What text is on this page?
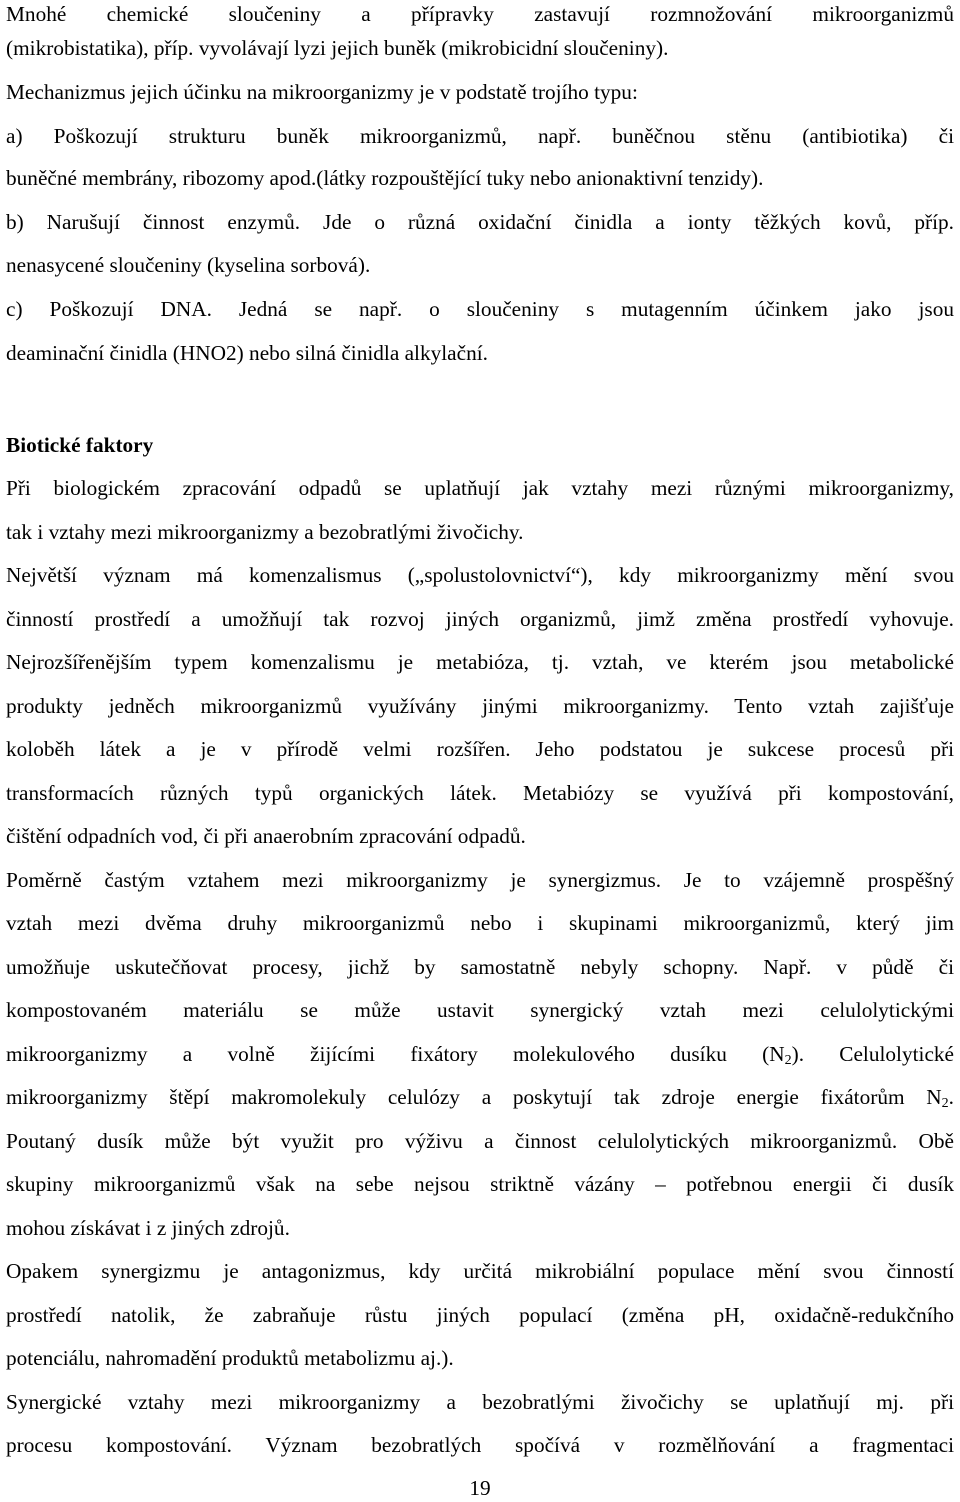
Mnohé chemické sloučeniny a přípravky zastavují rozmnožování mikroorganizmů
(mikrobistatika), příp. vyvolávají lyzi jejich buněk (mikrobicidní sloučeniny).
Mechanizmus jejich účinku na mikroorganizmy je v podstatě trojího typu:
a) Poškozují strukturu buněk mikroorganizmů, např. buněčnou stěnu (antibiotika) či
buněčné membrány, ribozomy apod.(látky rozpouštějící tuky nebo anionaktivní tenzidy).
b) Narušují činnost enzymů. Jde o různá oxidační činidla a ionty těžkých kovů, příp.
nenasycené sloučeniny (kyselina sorbová).
c) Poškozují DNA. Jedná se např. o sloučeniny s mutagenním účinkem jako jsou
deaminační činidla (HNO2) nebo silná činidla alkylační.
Biotické faktory
Při biologickém zpracování odpadů se uplatňují jak vztahy mezi různými mikroorganizmy,
tak i vztahy mezi mikroorganizmy a bezobratlými živočichy.
Největší význam má komenzalismus („spolustolovnictví“), kdy mikroorganizmy mění svou
činností prostředí a umožňují tak rozvoj jiných organizmů, jimž změna prostředí vyhovuje.
Nejrozšířenějším typem komenzalismu je metabióza, tj. vztah, ve kterém jsou metabolické
produkty jedněch mikroorganizmů využívány jinými mikroorganizmy. Tento vztah zajišťuje
koloběh látek a je v přírodě velmi rozšířen. Jeho podstatou je sukcese procesů při
transformacích různých typů organických látek. Metabiózy se využívá při kompostování,
čištění odpadních vod, či při anaerobním zpracování odpadů.
Poměrně častým vztahem mezi mikroorganizmy je synergizmus. Je to vzájemně prospěšný
vztah mezi dvěma druhy mikroorganizmů nebo i skupinami mikroorganizmů, který jim
umožňuje uskutečňovat procesy, jichž by samostatně nebyly schopny. Např. v půdě či
kompostovaném materiálu se může ustavit synergický vztah mezi celulolytickými
mikroorganizmy a volně žijícími fixátory molekulového dusíku $(N_2)$. Celulolytické
mikroorganizmy štěpí makromolekuly celulózy a poskytují tak zdroje energie fixátorům $N_2$.
Poutaný dusík může být využit pro výživu a činnost celulolytických mikroorganizmů. Obě
skupiny mikroorganizmů však na sebe nejsou striktně vázány – potřebnou energii či dusík
mohou získávat i z jiných zdrojů.
Opakem synergizmu je antagonizmus, kdy určitá mikrobiální populace mění svou činností
prostředí natolik, že zabraňuje růstu jiných populací (změna pH, oxidačně-redukčního
potenciálu, nahromadění produktů metabolizmu aj.).
Synergické vztahy mezi mikroorganizmy a bezobratlými živočichy se uplatňují mj. při
procesu kompostování. Význam bezobratlých spočívá v rozmělňování a fragmentaci
19
